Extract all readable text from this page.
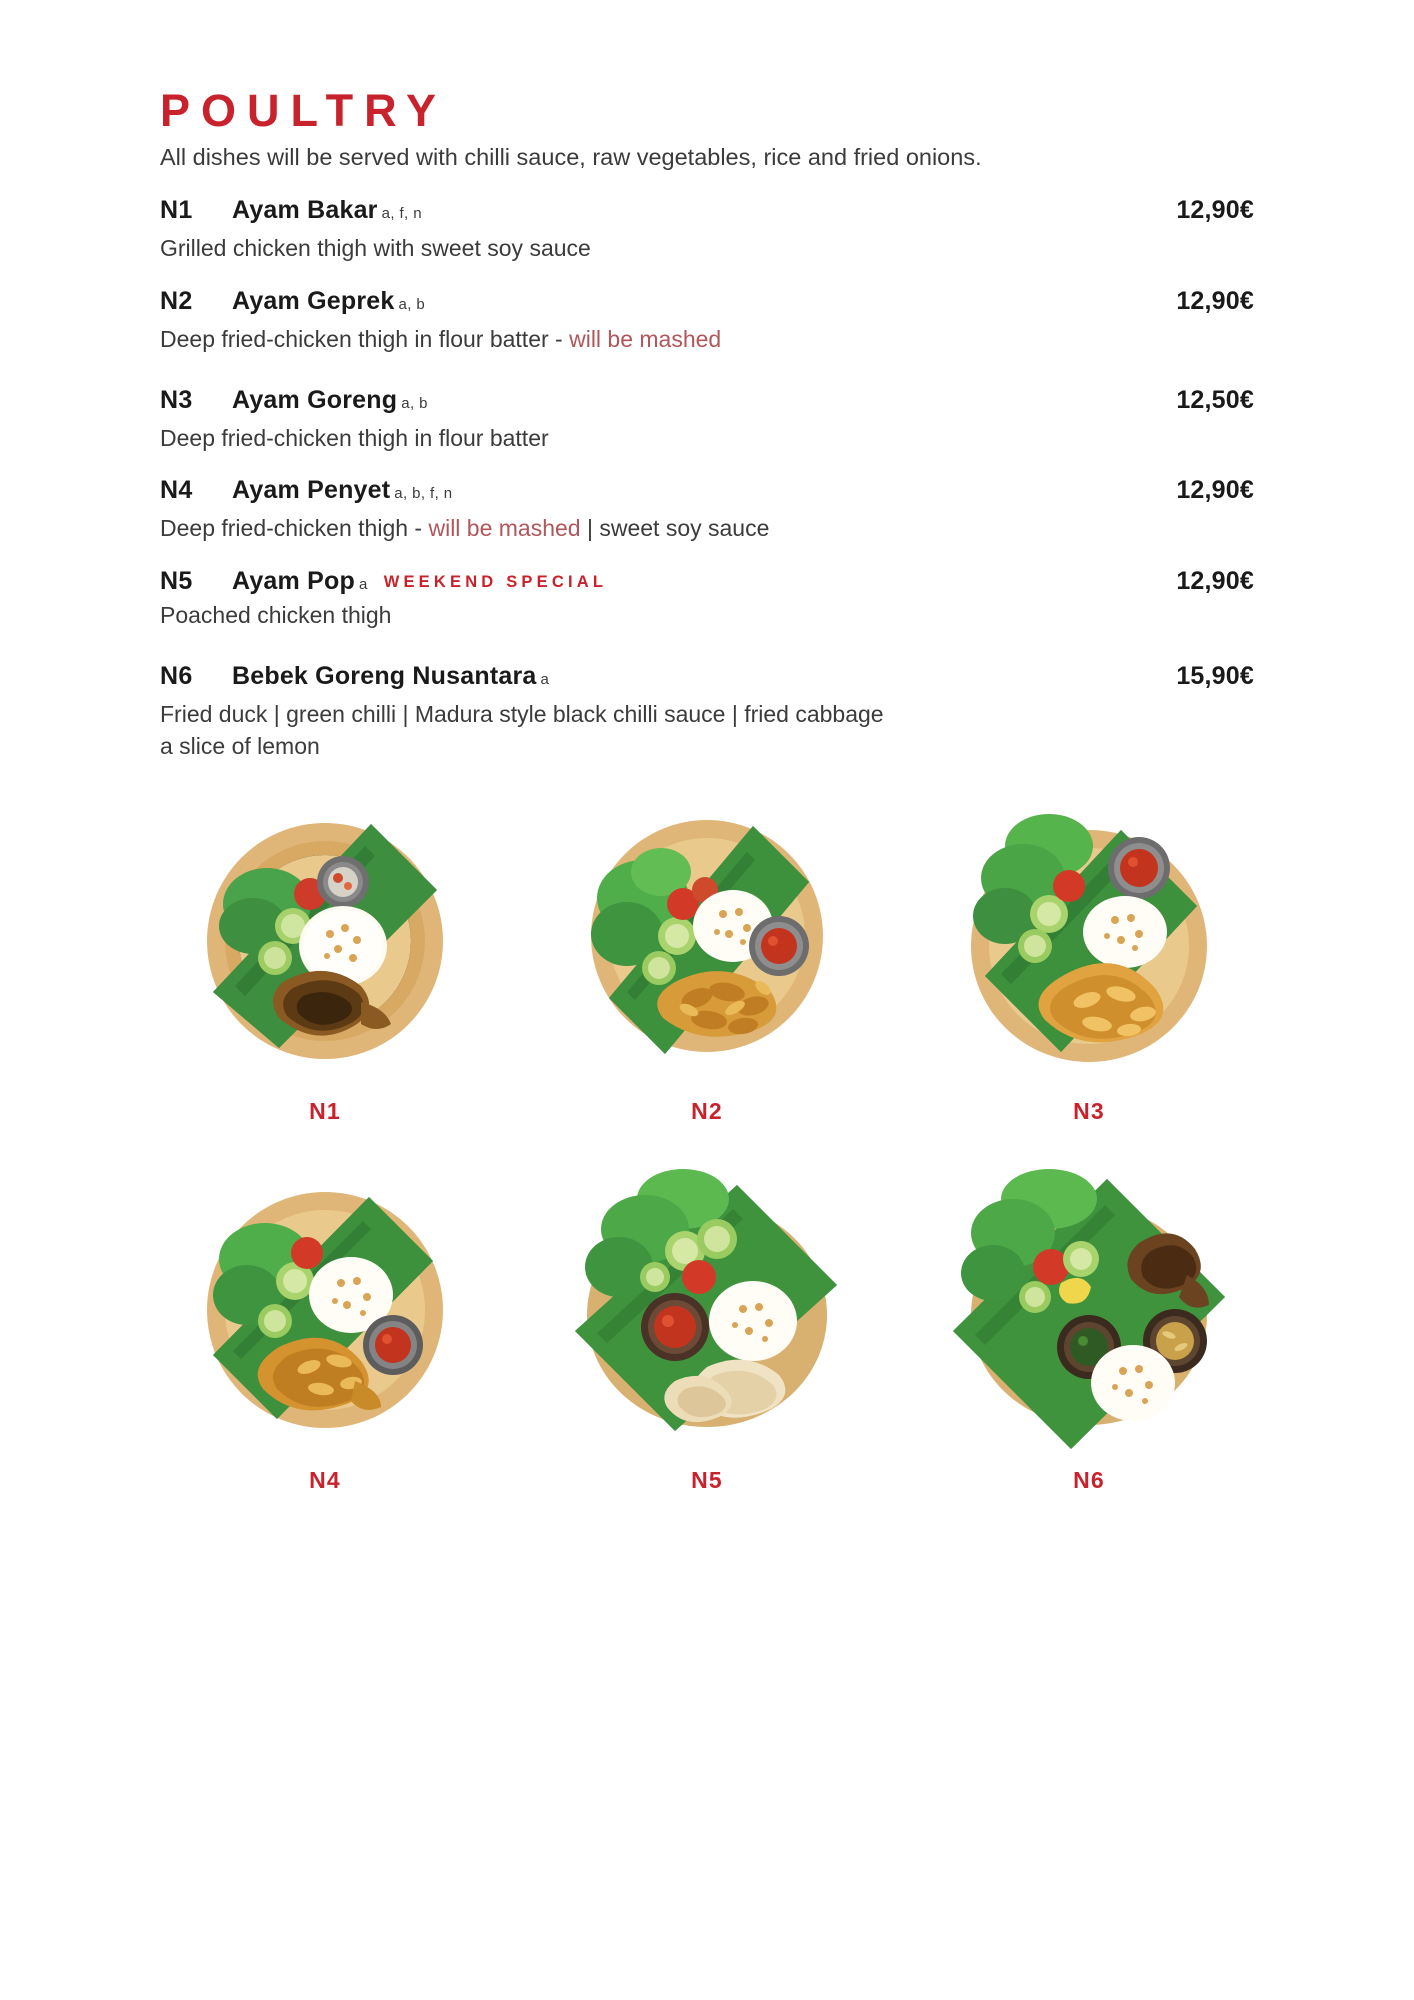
POULTRY

All dishes will be served with chilli sauce, raw vegetables, rice and fried onions.

N1	Ayam Bakar a, f, n	12,90€
Grilled chicken thigh with sweet soy sauce
N2	Ayam Geprek a, b	12,90€
Deep fried-chicken thigh in flour batter - will be mashed
N3	Ayam Goreng a, b	12,50€
Deep fried-chicken thigh in flour batter
N4	Ayam Penyet a, b, f, n	12,90€
Deep fried-chicken thigh - will be mashed | sweet soy sauce
N5	Ayam Pop a WEEKEND SPECIAL	12,90€
Poached chicken thigh
N6	Bebek Goreng Nusantara a	15,90€
Fried duck | green chilli | Madura style black chilli sauce | fried cabbage
a slice of lemon
N1	N2	N3
N4	N5	N6
